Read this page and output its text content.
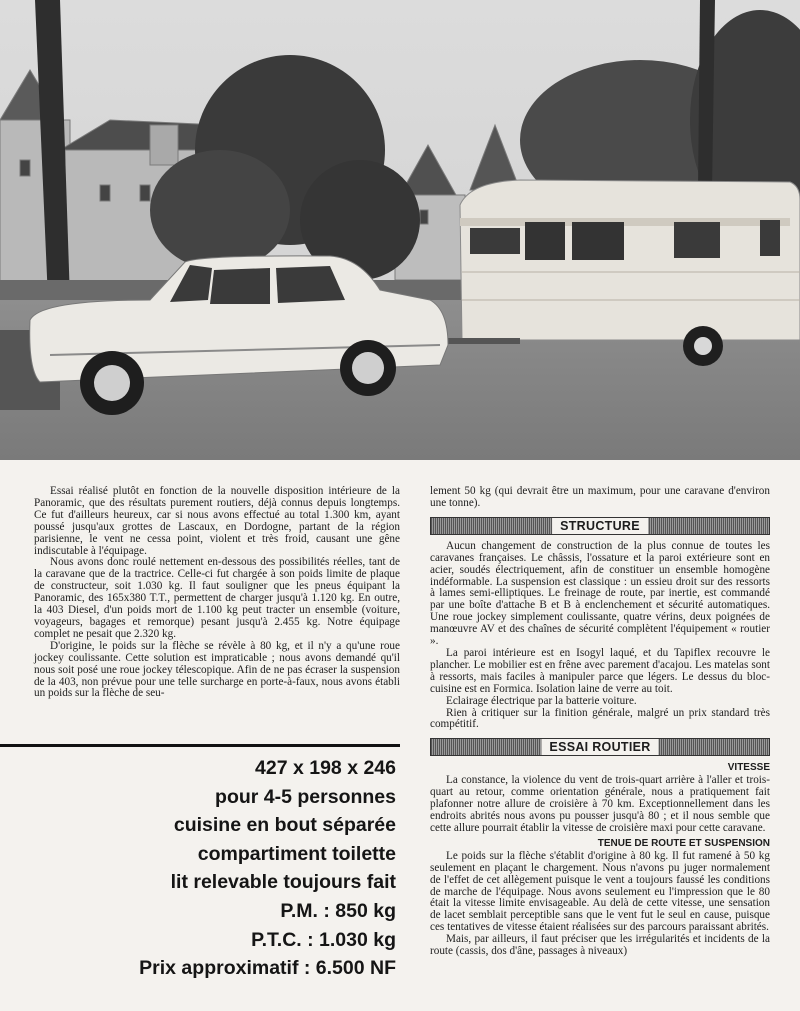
Essai réalisé plutôt en fonction de la nouvelle disposition intérieure de la Panoramic, que des résultats purement routiers, déjà connus depuis longtemps. Ce fut d'ailleurs heureux, car si nous avons effectué au total 1.300 km, ayant poussé jusqu'aux grottes de Lascaux, en Dordogne, partant de la région parisienne, le vent ne cessa point, violent et très froid, causant une gêne indiscutable à l'équipage.

Nous avons donc roulé nettement en-dessous des possibilités réelles, tant de la caravane que de la tractrice. Celle-ci fut chargée à son poids limite de plaque de constructeur, soit 1.030 kg. Il faut souligner que les pneus équipant la Panoramic, des 165x380 T.T., permettent de charger jusqu'à 1.120 kg. En outre, la 403 Diesel, d'un poids mort de 1.100 kg peut tracter un ensemble (voiture, voyageurs, bagages et remorque) pesant jusqu'à 2.455 kg. Notre équipage complet ne pesait que 2.320 kg.

D'origine, le poids sur la flèche se révèle à 80 kg, et il n'y a qu'une roue jockey coulissante. Cette solution est impraticable ; nous avons demandé qu'il nous soit posé une roue jockey télescopique. Afin de ne pas écraser la suspension de la 403, non prévue pour une telle surcharge en porte-à-faux, nous avons établi un poids sur la flèche de seu-

lement 50 kg (qui devrait être un maximum, pour une caravane d'environ une tonne).

STRUCTURE

Aucun changement de construction de la plus connue de toutes les caravanes françaises. Le châssis, l'ossature et la paroi extérieure sont en acier, soudés électriquement, afin de constituer un ensemble homogène indéformable. La suspension est classique : un essieu droit sur des ressorts à lames semi-elliptiques. Le freinage de route, par inertie, est commandé par une boîte d'attache B et B à enclenchement et sécurité automatiques. Une roue jockey simplement coulissante, quatre vérins, deux poignées de manœuvre AV et des chaînes de sécurité complètent l'équipement « routier ».

La paroi intérieure est en Isogyl laqué, et du Tapiflex recouvre le plancher. Le mobilier est en frêne avec parement d'acajou. Les matelas sont à ressorts, mais faciles à manipuler parce que légers. Le dessus du bloc-cuisine est en Formica. Isolation laine de verre au toit.

Eclairage électrique par la batterie voiture.

Rien à critiquer sur la finition générale, malgré un prix standard très compétitif.

ESSAI ROUTIER
VITESSE

La constance, la violence du vent de trois-quart arrière à l'aller et trois-quart au retour, comme orientation générale, nous a pratiquement fait plafonner notre allure de croisière à 70 km. Exceptionnellement dans les endroits abrités nous avons pu pousser jusqu'à 80 ; et il nous semble que cette allure pourrait établir la vitesse de croisière maxi pour cette caravane.

TENUE DE ROUTE ET SUSPENSION

Le poids sur la flèche s'établit d'origine à 80 kg. Il fut ramené à 50 kg seulement en plaçant le chargement. Nous n'avons pu juger normalement de l'effet de cet allègement puisque le vent a toujours faussé les conditions de marche de l'équipage. Nous avons seulement eu l'impression que le 80 était la vitesse limite envisageable. Au delà de cette vitesse, une sensation de lacet semblait perceptible sans que le vent fut le seul en cause, puisque ces tentatives de vitesse étaient réalisées sur des parcours paraissant abrités.

Mais, par ailleurs, il faut préciser que les irrégularités et incidents de la route (cassis, dos d'âne, passages à niveaux)

427 x 198 x 246
pour 4-5 personnes
cuisine en bout séparée
compartiment toilette
lit relevable toujours fait
P.M. : 850 kg
P.T.C. : 1.030 kg
Prix approximatif : 6.500 NF
